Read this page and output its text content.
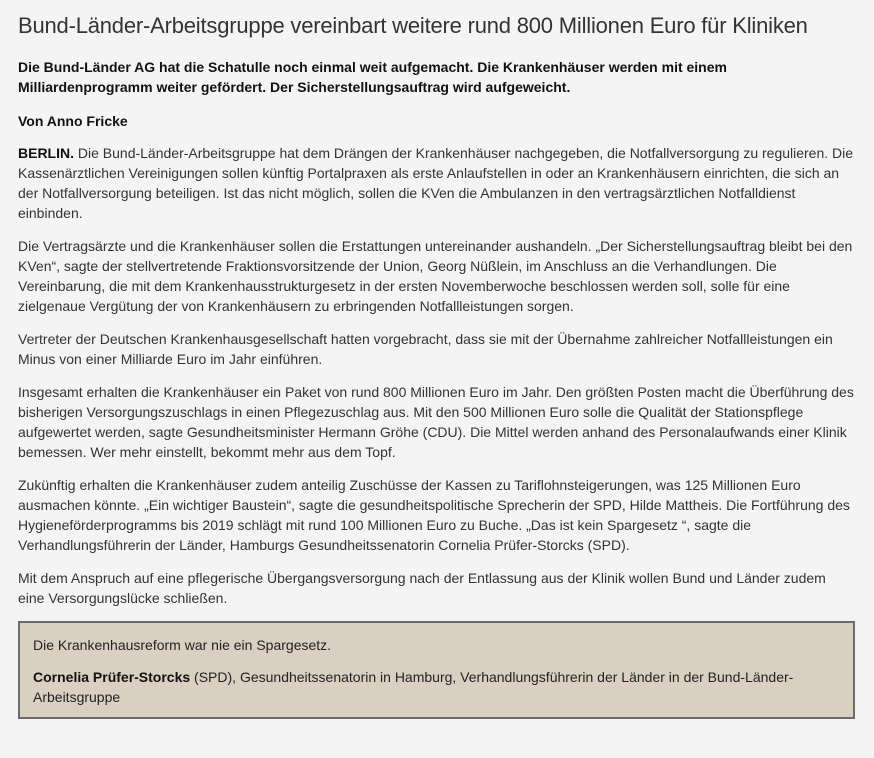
Bund-Länder-Arbeitsgruppe vereinbart weitere rund 800 Millionen Euro für Kliniken

Die Bund-Länder AG hat die Schatulle noch einmal weit aufgemacht. Die Krankenhäuser werden mit einem Milliardenprogramm weiter gefördert. Der Sicherstellungsauftrag wird aufgeweicht.

Von Anno Fricke

BERLIN. Die Bund-Länder-Arbeitsgruppe hat dem Drängen der Krankenhäuser nachgegeben, die Notfallversorgung zu regulieren. Die Kassenärztlichen Vereinigungen sollen künftig Portalpraxen als erste Anlaufstellen in oder an Krankenhäusern einrichten, die sich an der Notfallversorgung beteiligen. Ist das nicht möglich, sollen die KVen die Ambulanzen in den vertragsärztlichen Notfalldienst einbinden.

Die Vertragsärzte und die Krankenhäuser sollen die Erstattungen untereinander aushandeln. „Der Sicherstellungsauftrag bleibt bei den KVen“, sagte der stellvertretende Fraktionsvorsitzende der Union, Georg Nüßlein, im Anschluss an die Verhandlungen. Die Vereinbarung, die mit dem Krankenhausstrukturgesetz in der ersten Novemberwoche beschlossen werden soll, solle für eine zielgenaue Vergütung der von Krankenhäusern zu erbringenden Notfallleistungen sorgen.

Vertreter der Deutschen Krankenhausgesellschaft hatten vorgebracht, dass sie mit der Übernahme zahlreicher Notfallleistungen ein Minus von einer Milliarde Euro im Jahr einführen.

Insgesamt erhalten die Krankenhäuser ein Paket von rund 800 Millionen Euro im Jahr. Den größten Posten macht die Überführung des bisherigen Versorgungszuschlags in einen Pflegezuschlag aus. Mit den 500 Millionen Euro solle die Qualität der Stationspflege aufgewertet werden, sagte Gesundheitsminister Hermann Gröhe (CDU). Die Mittel werden anhand des Personalaufwands einer Klinik bemessen. Wer mehr einstellt, bekommt mehr aus dem Topf.

Zukünftig erhalten die Krankenhäuser zudem anteilig Zuschüsse der Kassen zu Tariflohnsteigerungen, was 125 Millionen Euro ausmachen könnte. „Ein wichtiger Baustein“, sagte die gesundheitspolitische Sprecherin der SPD, Hilde Mattheis. Die Fortführung des Hygieneförderprogramms bis 2019 schlägt mit rund 100 Millionen Euro zu Buche. „Das ist kein Spargesetz “, sagte die Verhandlungsführerin der Länder, Hamburgs Gesundheitssenatorin Cornelia Prüfer-Storcks (SPD).

Mit dem Anspruch auf eine pflegerische Übergangsversorgung nach der Entlassung aus der Klinik wollen Bund und Länder zudem eine Versorgungslücke schließen.

Die Krankenhausreform war nie ein Spargesetz.

Cornelia Prüfer-Storcks (SPD), Gesundheitssenatorin in Hamburg, Verhandlungsführerin der Länder in der Bund-Länder-Arbeitsgruppe
